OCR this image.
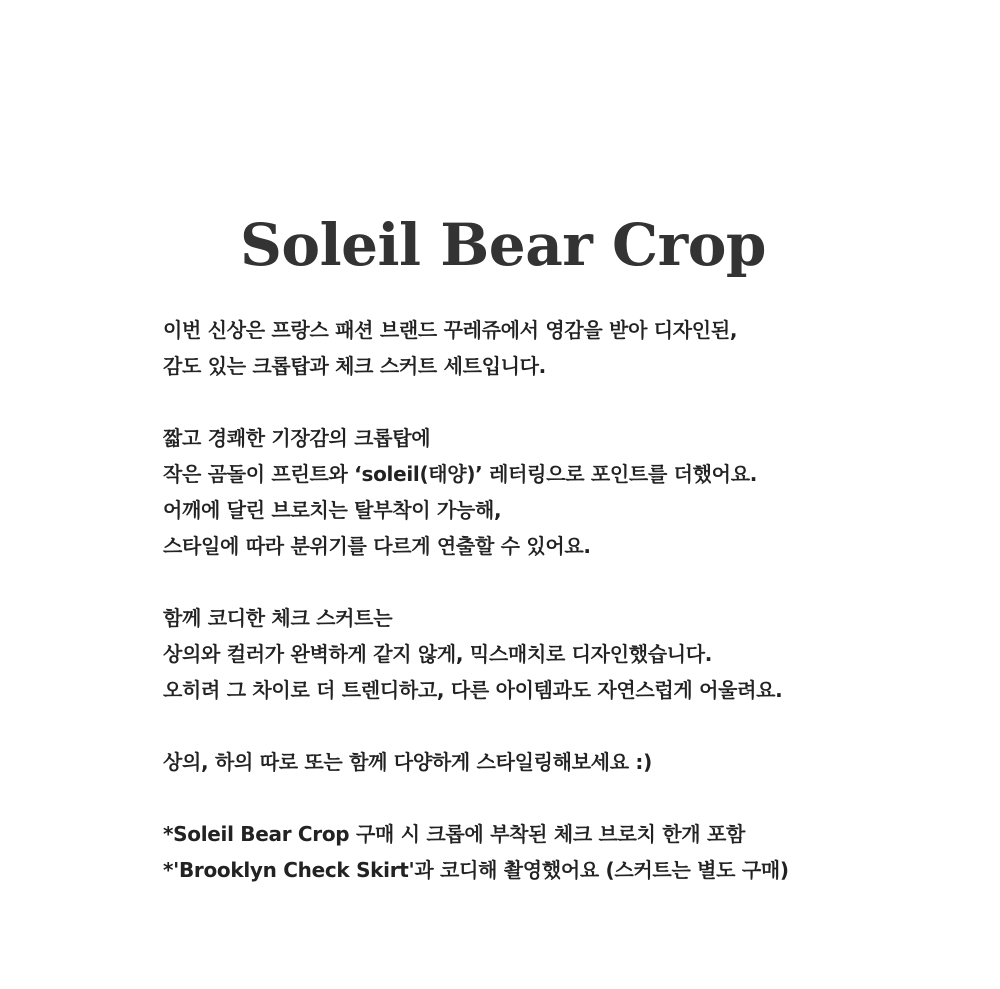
Soleil Bear Crop

이번 신상은 프랑스 패션 브랜드 꾸레쥬에서 영감을 받아 디자인된,
감도 있는 크롭탑과 체크 스커트 세트입니다.

짧고 경쾌한 기장감의 크롭탑에
작은 곰돌이 프린트와 ‘soleil(태양)’ 레터링으로 포인트를 더했어요.
어깨에 달린 브로치는 탈부착이 가능해,
스타일에 따라 분위기를 다르게 연출할 수 있어요.

함께 코디한 체크 스커트는
상의와 컬러가 완벽하게 같지 않게, 믹스매치로 디자인했습니다.
오히려 그 차이로 더 트렌디하고, 다른 아이템과도 자연스럽게 어울려요.

상의, 하의 따로 또는 함께 다양하게 스타일링해보세요 :)

*Soleil Bear Crop 구매 시 크롭에 부착된 체크 브로치 한개 포함
*'Brooklyn Check Skirt'과 코디해 촬영했어요 (스커트는 별도 구매)
